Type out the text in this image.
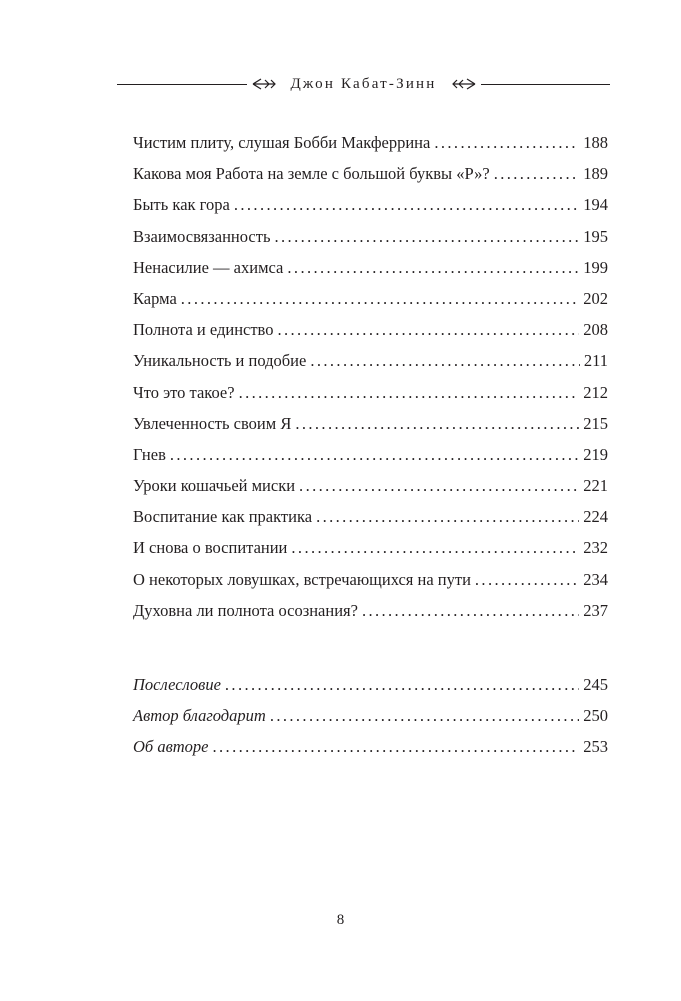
Джон Кабат-Зинн
Чистим плиту, слушая Бобби Макферрина .....	188
Какова моя Работа на земле с большой буквы «Р»? .....	189
Быть как гора .....	194
Взаимосвязанность .....	195
Ненасилие — ахимса .....	199
Карма .....	202
Полнота и единство .....	208
Уникальность и подобие .....	211
Что это такое? .....	212
Увлеченность своим Я .....	215
Гнев .....	219
Уроки кошачьей миски .....	221
Воспитание как практика .....	224
И снова о воспитании .....	232
О некоторых ловушках, встречающихся на пути .....	234
Духовна ли полнота осознания? .....	237
Послесловие .....	245
Автор благодарит .....	250
Об авторе .....	253
8
